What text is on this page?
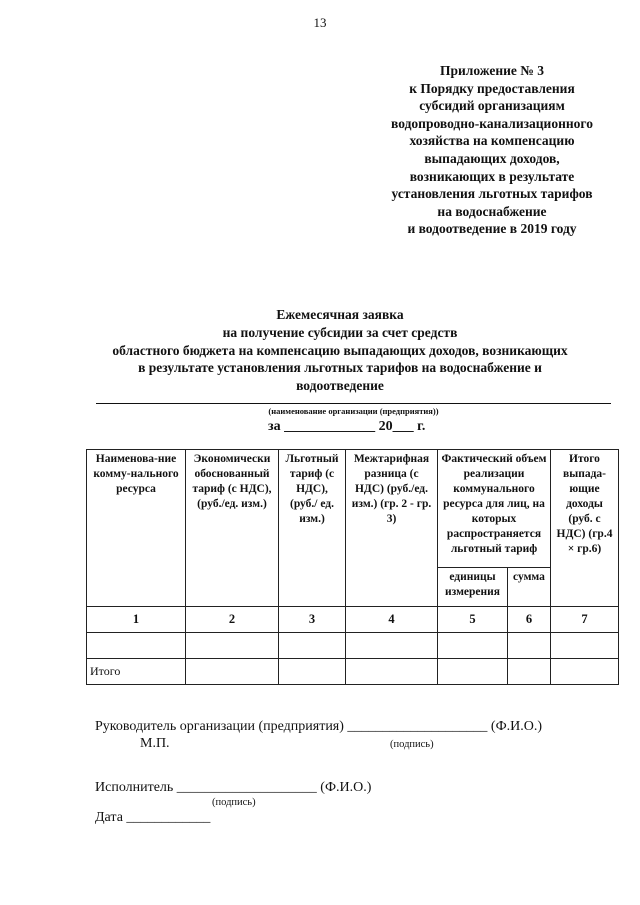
13
Приложение № 3
к Порядку предоставления
субсидий организациям
водопроводно-канализационного
хозяйства на компенсацию
выпадающих доходов,
возникающих в результате
установления льготных тарифов
на водоснабжение
и водоотведение в 2019 году
Ежемесячная заявка
на получение субсидии за счет средств
областного бюджета на компенсацию выпадающих доходов, возникающих
в результате установления льготных тарифов на водоснабжение и
водоотведение
(наименование организации (предприятия))
за _____________ 20___ г.
Наименова-ние комму-нального ресурса	Экономически обоснованный тариф (с НДС), (руб./ед. изм.)	Льготный тариф (с НДС), (руб./ ед. изм.)	Межтарифная разница (с НДС) (руб./ед. изм.) (гр. 2 - гр. 3)	Фактический объем реализации коммунального ресурса для лиц, на которых распространяется льготный тариф		Итого выпада-ющие доходы (руб. с НДС) (гр.4 × гр.6)
				единицы измерения	сумма	
1	2	3	4	5	6	7

Итого						
Руководитель организации (предприятия) ____________________ (Ф.И.О.)
М.П.	(подпись)
Исполнитель ____________________ (Ф.И.О.)
(подпись)
Дата ____________
